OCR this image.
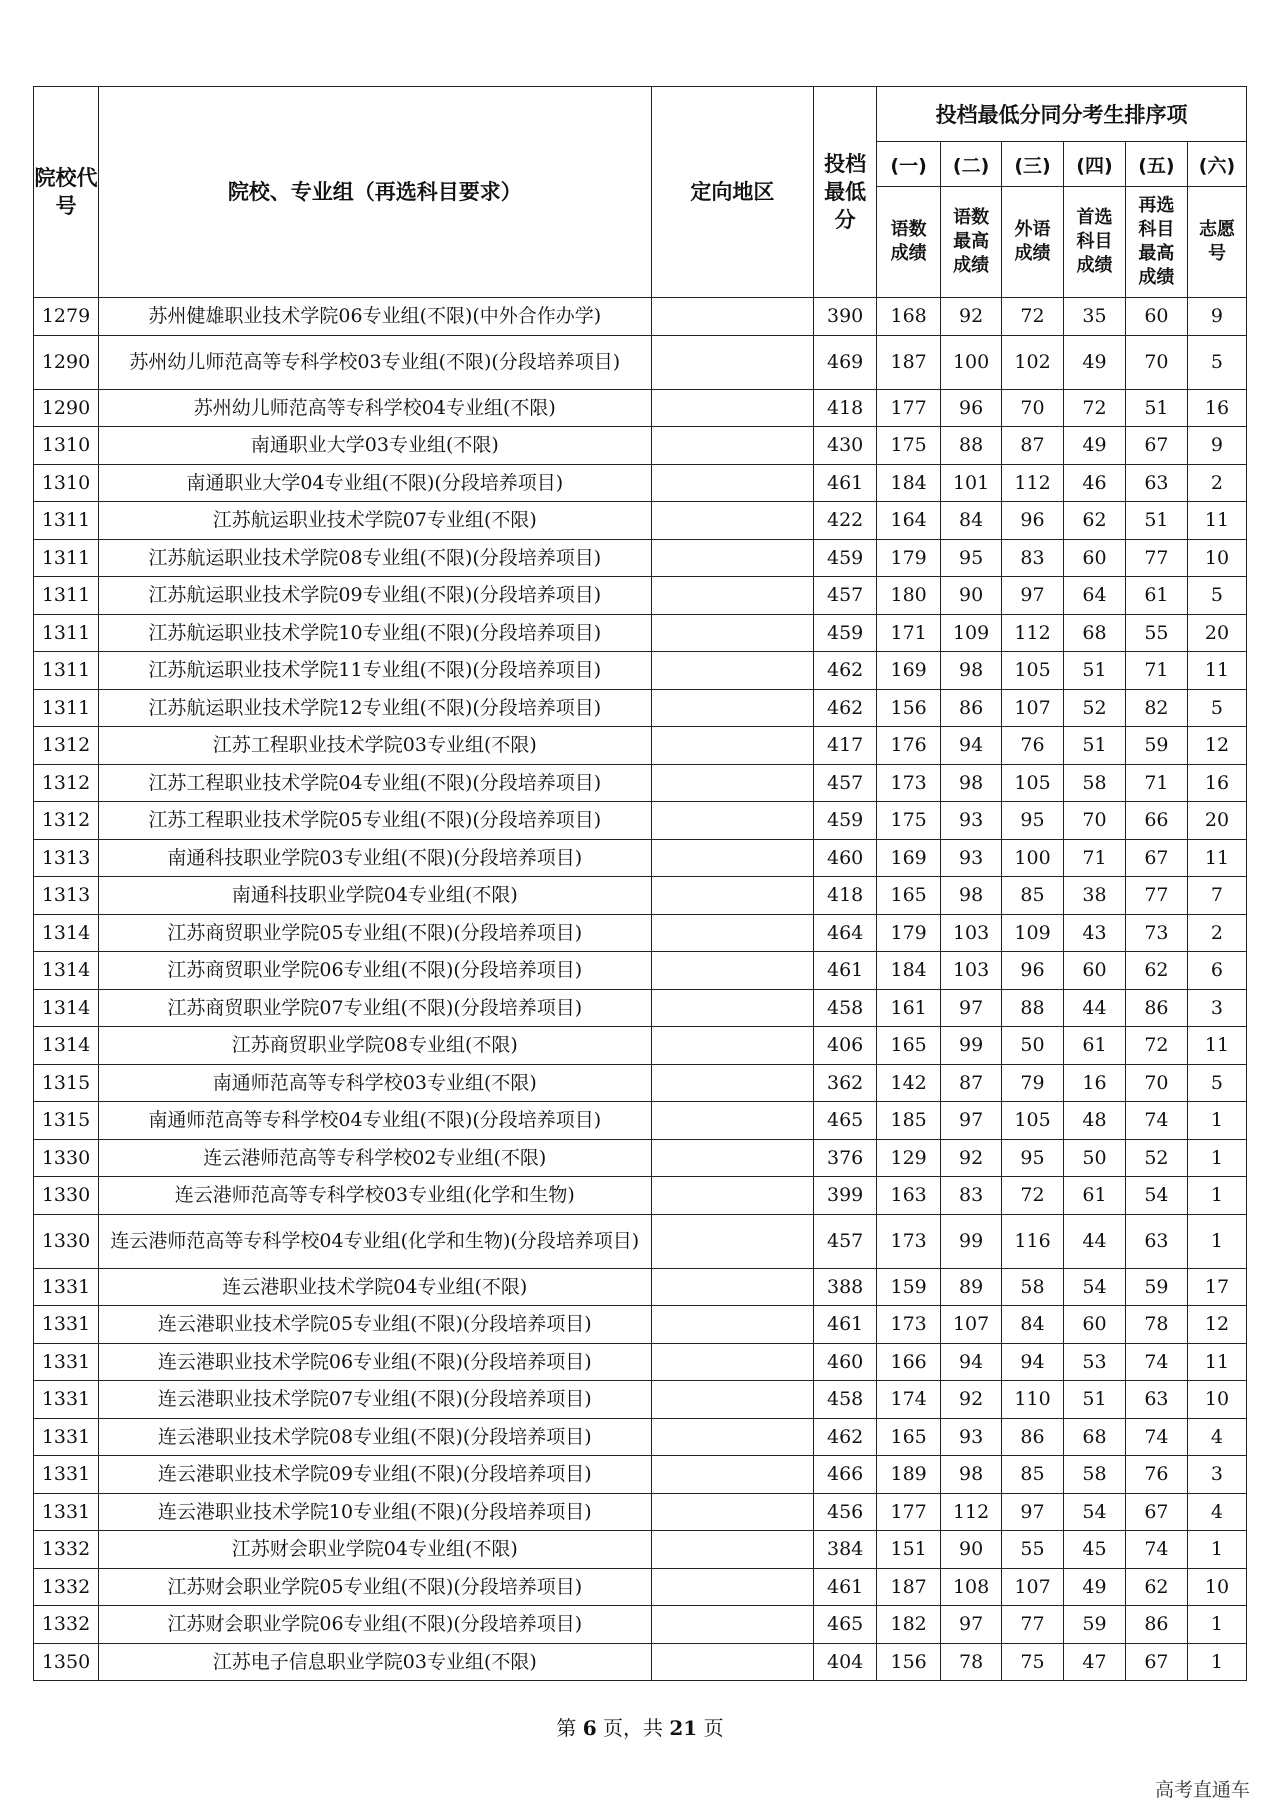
院校代号	院校、专业组（再选科目要求）	定向地区	投档最低分	投档最低分同分考生排序项					
				(一)	(二)	(三)	(四)	(五)	(六)
				语数成绩	语数最高成绩	外语成绩	首选科目成绩	再选科目最高成绩	志愿号
1279	苏州健雄职业技术学院06专业组(不限)(中外合作办学)		390	168	92	72	35	60	9
1290	苏州幼儿师范高等专科学校03专业组(不限)(分段培养项目)		469	187	100	102	49	70	5
1290	苏州幼儿师范高等专科学校04专业组(不限)		418	177	96	70	72	51	16
1310	南通职业大学03专业组(不限)		430	175	88	87	49	67	9
1310	南通职业大学04专业组(不限)(分段培养项目)		461	184	101	112	46	63	2
1311	江苏航运职业技术学院07专业组(不限)		422	164	84	96	62	51	11
1311	江苏航运职业技术学院08专业组(不限)(分段培养项目)		459	179	95	83	60	77	10
1311	江苏航运职业技术学院09专业组(不限)(分段培养项目)		457	180	90	97	64	61	5
1311	江苏航运职业技术学院10专业组(不限)(分段培养项目)		459	171	109	112	68	55	20
1311	江苏航运职业技术学院11专业组(不限)(分段培养项目)		462	169	98	105	51	71	11
1311	江苏航运职业技术学院12专业组(不限)(分段培养项目)		462	156	86	107	52	82	5
1312	江苏工程职业技术学院03专业组(不限)		417	176	94	76	51	59	12
1312	江苏工程职业技术学院04专业组(不限)(分段培养项目)		457	173	98	105	58	71	16
1312	江苏工程职业技术学院05专业组(不限)(分段培养项目)		459	175	93	95	70	66	20
1313	南通科技职业学院03专业组(不限)(分段培养项目)		460	169	93	100	71	67	11
1313	南通科技职业学院04专业组(不限)		418	165	98	85	38	77	7
1314	江苏商贸职业学院05专业组(不限)(分段培养项目)		464	179	103	109	43	73	2
1314	江苏商贸职业学院06专业组(不限)(分段培养项目)		461	184	103	96	60	62	6
1314	江苏商贸职业学院07专业组(不限)(分段培养项目)		458	161	97	88	44	86	3
1314	江苏商贸职业学院08专业组(不限)		406	165	99	50	61	72	11
1315	南通师范高等专科学校03专业组(不限)		362	142	87	79	16	70	5
1315	南通师范高等专科学校04专业组(不限)(分段培养项目)		465	185	97	105	48	74	1
1330	连云港师范高等专科学校02专业组(不限)		376	129	92	95	50	52	1
1330	连云港师范高等专科学校03专业组(化学和生物)		399	163	83	72	61	54	1
1330	连云港师范高等专科学校04专业组(化学和生物)(分段培养项目)		457	173	99	116	44	63	1
1331	连云港职业技术学院04专业组(不限)		388	159	89	58	54	59	17
1331	连云港职业技术学院05专业组(不限)(分段培养项目)		461	173	107	84	60	78	12
1331	连云港职业技术学院06专业组(不限)(分段培养项目)		460	166	94	94	53	74	11
1331	连云港职业技术学院07专业组(不限)(分段培养项目)		458	174	92	110	51	63	10
1331	连云港职业技术学院08专业组(不限)(分段培养项目)		462	165	93	86	68	74	4
1331	连云港职业技术学院09专业组(不限)(分段培养项目)		466	189	98	85	58	76	3
1331	连云港职业技术学院10专业组(不限)(分段培养项目)		456	177	112	97	54	67	4
1332	江苏财会职业学院04专业组(不限)		384	151	90	55	45	74	1
1332	江苏财会职业学院05专业组(不限)(分段培养项目)		461	187	108	107	49	62	10
1332	江苏财会职业学院06专业组(不限)(分段培养项目)		465	182	97	77	59	86	1
1350	江苏电子信息职业学院03专业组(不限)		404	156	78	75	47	67	1
第 6 页，共 21 页
高考直通车
